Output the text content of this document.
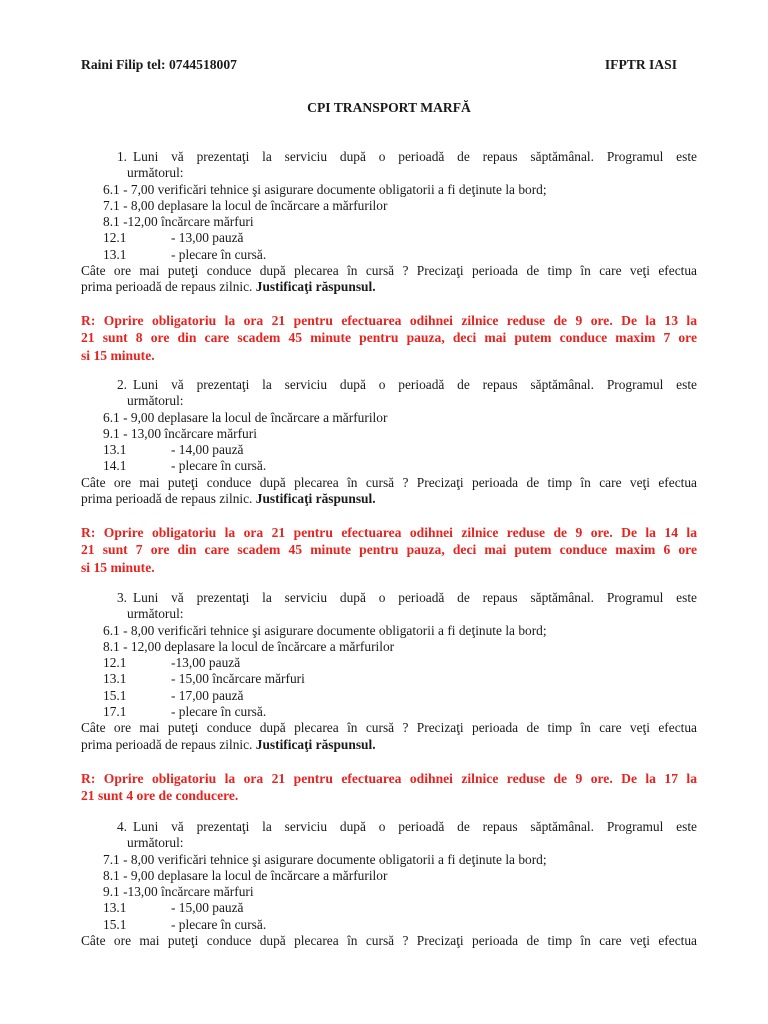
Raini Filip tel: 0744518007	IFPTR IASI
CPI TRANSPORT MARFĂ
1. Luni vă prezentaţi la serviciu după o perioadă de repaus săptămânal. Programul este
următorul:
6.1 - 7,00 verificări tehnice şi asigurare documente obligatorii a fi deţinute la bord;
7.1 - 8,00 deplasare la locul de încărcare a mărfurilor
8.1 -12,00 încărcare mărfuri
12.1	- 13,00 pauză
13.1	- plecare în cursă.
Câte ore mai puteţi conduce după plecarea în cursă ? Precizaţi perioada de timp în care veţi efectua
prima perioadă de repaus zilnic. Justificaţi răspunsul.
R: Oprire obligatoriu la ora 21 pentru efectuarea odihnei zilnice reduse de 9 ore. De la 13 la
21 sunt 8 ore din care scadem 45 minute pentru pauza, deci mai putem conduce maxim 7 ore
si 15 minute.
2. Luni vă prezentaţi la serviciu după o perioadă de repaus săptămânal. Programul este
următorul:
6.1 - 9,00 deplasare la locul de încărcare a mărfurilor
9.1 - 13,00 încărcare mărfuri
13.1	- 14,00 pauză
14.1	- plecare în cursă.
Câte ore mai puteţi conduce după plecarea în cursă ? Precizaţi perioada de timp în care veţi efectua
prima perioadă de repaus zilnic. Justificaţi răspunsul.
R: Oprire obligatoriu la ora 21 pentru efectuarea odihnei zilnice reduse de 9 ore. De la 14 la
21 sunt 7 ore din care scadem 45 minute pentru pauza, deci mai putem conduce maxim 6 ore
si 15 minute.
3. Luni vă prezentaţi la serviciu după o perioadă de repaus săptămânal. Programul este
următorul:
6.1 - 8,00 verificări tehnice şi asigurare documente obligatorii a fi deţinute la bord;
8.1 - 12,00 deplasare la locul de încărcare a mărfurilor
12.1	-13,00 pauză
13.1	- 15,00 încărcare mărfuri
15.1	- 17,00 pauză
17.1	- plecare în cursă.
Câte ore mai puteţi conduce după plecarea în cursă ? Precizaţi perioada de timp în care veţi efectua
prima perioadă de repaus zilnic. Justificaţi răspunsul.
R: Oprire obligatoriu la ora 21 pentru efectuarea odihnei zilnice reduse de 9 ore. De la 17 la
21 sunt 4 ore de conducere.
4. Luni vă prezentaţi la serviciu după o perioadă de repaus săptămânal. Programul este
următorul:
7.1 - 8,00 verificări tehnice şi asigurare documente obligatorii a fi deţinute la bord;
8.1 - 9,00 deplasare la locul de încărcare a mărfurilor
9.1 -13,00 încărcare mărfuri
13.1	- 15,00 pauză
15.1	- plecare în cursă.
Câte ore mai puteţi conduce după plecarea în cursă ? Precizaţi perioada de timp în care veţi efectua
